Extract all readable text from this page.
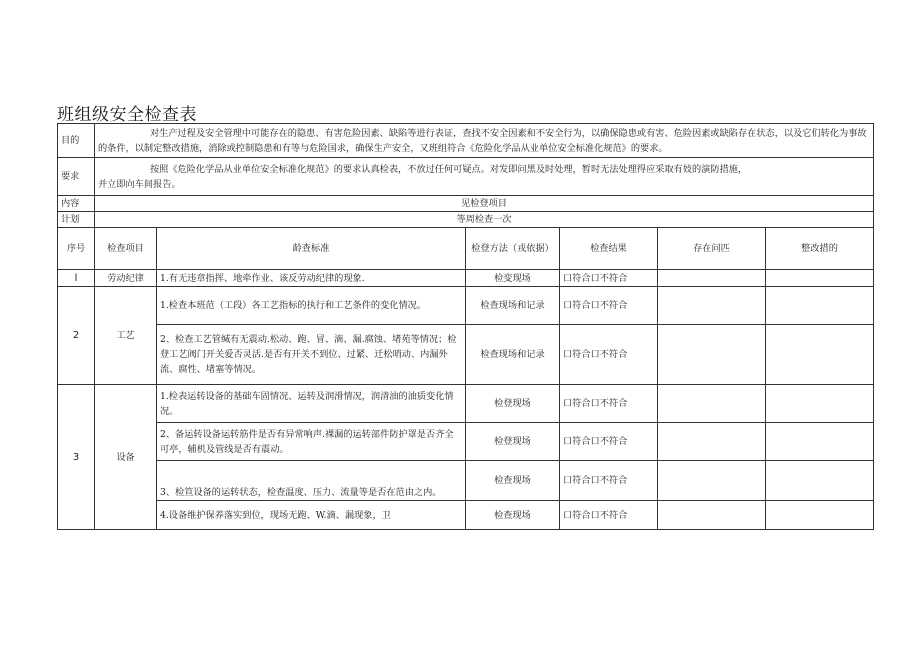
班组级安全检查表
目的	对生产过程及安全管理中可能存在的隐患、有害危险因素、缺陷等进行表证，查找不安全因素和不安全行为，以确保隐患或有害、危险因素或缺陷存在状态，以及它们转化为事故的条件，以制定整改措施，消除或控制隐患和有等与危险国求，确保生产安全，又班组符合《危险化学品从业单位安全标准化规范》的要求。					
要求	按照《危险化学品从业单位安全标准化规范》的要求认真检表，不放过任何可疑点。对发即问黑及时处理，暂时无法处理得应采取有妓的演防措施，
并立即向车间报告。					

内容	见检登项目					
计划	等周检查一次					
序号	检查项目	龄查标准	检登方法（戎依据）	检查结果	存在问匹	整改措的
l	劳动纪律	1.有无违章指挥、地牵作业、该反劳动纪律的现象.	检变现场	口符合口不符合		
2	工艺	1.检查本班范（工段）各工艺指标的执行和工艺条件的变化情况。	检查现场和记录	口符合口不符合		
		2、检查工艺管缄有无震动.松动、跑、冒、滴、漏.腐蚀、堵苑等情况；检登工艺阀门开关爱否灵活.是否有开关不到位、过紧、迁松哨动、内漏外流、腐性、堵塞等情况。	检查现场和记录	口符合口不符合		
3	设备	1.检表运转设备的基础车固情况、运转及润滑情况，润清油的油质变化情况。	检登现场	口符合口不符合		
		2、备运转设备运转筋件是否有异常响声.裸漏的运转部件防护罩是否齐全可亭，辅机及管线是否有震动。	检登现场	口符合口不符合		
		3、检笪设备的运转状态，检查温度、压力、流量等是否在范由之内。	检查现场	口符合口不符合		
		4.设备维护保养落实到位，现场无跑、W.滴、漏现象，卫	检查现场	口符合口不符合		
